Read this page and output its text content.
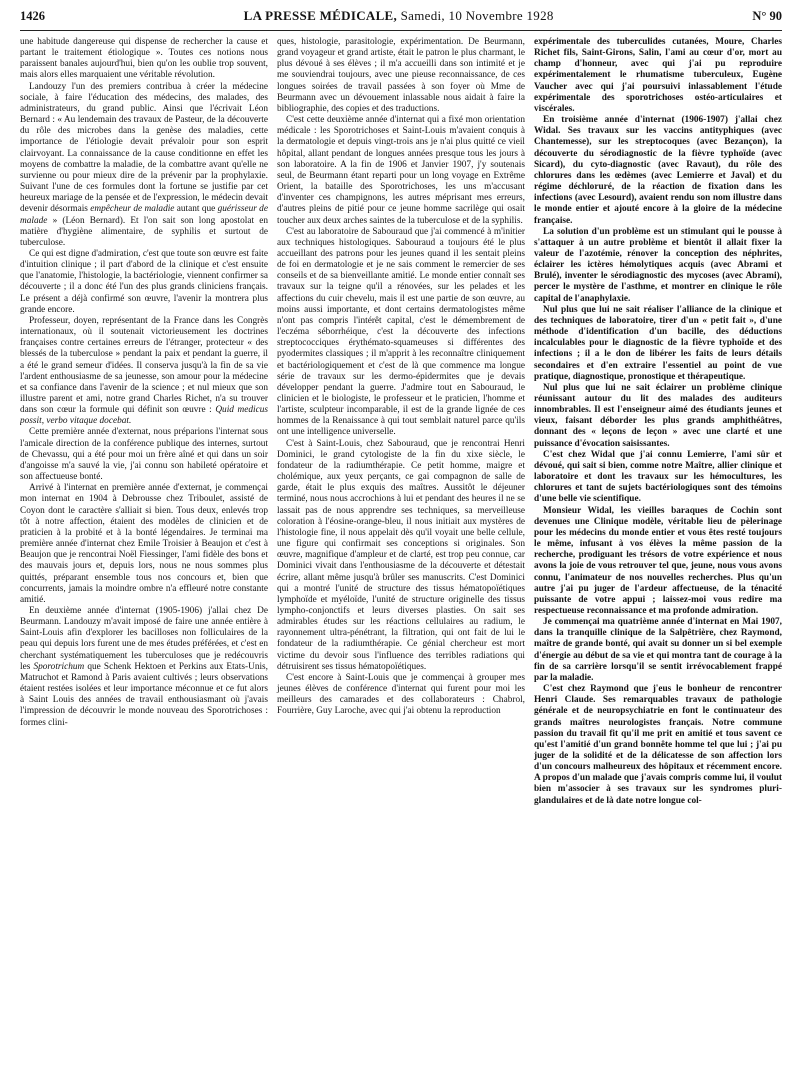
1426	LA PRESSE MÉDICALE, Samedi, 10 Novembre 1928	N° 90

une habitude dangereuse qui dispense de rechercher la cause et partant le traitement étiologique ». Toutes ces notions nous paraissent banales aujourd'hui, bien qu'on les oublie trop souvent, mais alors elles marquaient une véritable révolution.

Landouzy l'un des premiers contribua à créer la médecine sociale, à faire l'éducation des médecins, des malades, des administrateurs, du grand public. Ainsi que l'écrivait Léon Bernard : « Au lendemain des travaux de Pasteur, de la découverte du rôle des microbes dans la genèse des maladies, cette importance de l'étiologie devait prévaloir pour son esprit clairvoyant. La connaissance de la cause conditionne en effet les moyens de combattre la maladie, de la combattre avant qu'elle ne survienne ou pour mieux dire de la prévenir par la prophylaxie. Suivant l'une de ces formules dont la fortune se justifie par cet heureux mariage de la pensée et de l'expression, le médecin devait devenir désormais empêcheur de maladie autant que guérisseur de malade » (Léon Bernard). Et l'on sait son long apostolat en matière d'hygiène alimentaire, de syphilis et surtout de tuberculose.

Ce qui est digne d'admiration, c'est que toute son œuvre est faite d'intuition clinique ; il part d'abord de la clinique et c'est ensuite que l'anatomie, l'histologie, la bactériologie, viennent confirmer sa découverte ; il a donc été l'un des plus grands cliniciens français. Le présent a déjà confirmé son œuvre, l'avenir la montrera plus grande encore.

Professeur, doyen, représentant de la France dans les Congrès internationaux, où il soutenait victorieusement les doctrines françaises contre certaines erreurs de l'étranger, protecteur « des blessés de la tuberculose » pendant la paix et pendant la guerre, il a été le grand semeur d'idées. Il conserva jusqu'à la fin de sa vie l'ardent enthousiasme de sa jeunesse, son amour pour la médecine et sa confiance dans l'avenir de la science ; et nul mieux que son illustre parent et ami, notre grand Charles Richet, n'a su trouver dans son cœur la formule qui définit son œuvre : Quid medicus possit, verbo vitaque docebat.

Cette première année d'externat, nous préparions l'internat sous l'amicale direction de la conférence publique des internes, surtout de Chevassu, qui a été pour moi un frère aîné et qui dans un soir d'angoisse m'a sauvé la vie, j'ai connu son habileté opératoire et son affectueuse bonté.

Arrivé à l'internat en première année d'externat, je commençai mon internat en 1904 à Debrousse chez Triboulet, assisté de Coyon dont le caractère s'alliait si bien. Tous deux, enlevés trop tôt à notre affection, étaient des modèles de clinicien et de praticien à la probité et à la bonté légendaires. Je terminai ma première année d'internat chez Emile Troisier à Beaujon et c'est à Beaujon que je rencontrai Noël Fiessinger, l'ami fidèle des bons et des mauvais jours et, depuis lors, nous ne nous sommes plus quittés, préparant ensemble tous nos concours et, bien que concurrents, jamais la moindre ombre n'a effleuré notre constante amitié.

En deuxième année d'internat (1905-1906) j'allai chez De Beurmann. Landouzy m'avait imposé de faire une année entière à Saint-Louis afin d'explorer les bacilloses non folliculaires de la peau qui depuis lors furent une de mes études préférées, et c'est en cherchant systématiquement les tuberculoses que je redécouvris les Sporotrichum que Schenk Hektoen et Perkins aux Etats-Unis, Matruchot et Ramond à Paris avaient cultivés ; leurs observations étaient restées isolées et leur importance méconnue et ce fut alors à Saint Louis des années de travail enthousiasmant où j'avais l'impression de découvrir le monde nouveau des Sporotrichoses : formes clini-

ques, histologie, parasitologie, expérimentation. De Beurmann, grand voyageur et grand artiste, était le patron le plus charmant, le plus dévoué à ses élèves ; il m'a accueilli dans son intimité et je me souviendrai toujours, avec une pieuse reconnaissance, de ces longues soirées de travail passées à son foyer où Mme de Beurmann avec un dévouement inlassable nous aidait à faire la bibliographie, des copies et des traductions.

C'est cette deuxième année d'internat qui a fixé mon orientation médicale : les Sporotrichoses et Saint-Louis m'avaient conquis à la dermatologie et depuis vingt-trois ans je n'ai plus quitté ce vieil hôpital, allant pendant de longues années presque tous les jours à son laboratoire. A la fin de 1906 et Janvier 1907, j'y soutenais seul, de Beurmann étant reparti pour un long voyage en Extrême Orient, la bataille des Sporotrichoses, les uns m'accusant d'inventer ces champignons, les autres méprisant mes erreurs, d'autres pleins de pitié pour ce jeune homme sacrilège qui osait toucher aux deux arches saintes de la tuberculose et de la syphilis.

C'est au laboratoire de Sabouraud que j'ai commencé à m'initier aux techniques histologiques. Sabouraud a toujours été le plus accueillant des patrons pour les jeunes quand il les sentait pleins de foi en dermatologie et je ne sais comment le remercier de ses conseils et de sa bienveillante amitié. Le monde entier connaît ses travaux sur la teigne qu'il a rénovées, sur les pelades et les affections du cuir chevelu, mais il est une partie de son œuvre, au moins aussi importante, et dont certains dermatologistes même n'ont pas compris l'intérêt capital, c'est le démembrement de l'eczéma séborrhéique, c'est la découverte des infections streptococciques érythémato-squameuses si différentes des pyodermites classiques ; il m'apprit à les reconnaître cliniquement et bactériologiquement et c'est de là que commence ma longue série de travaux sur les dermo-épidermites que je devais développer pendant la guerre. J'admire tout en Sabouraud, le clinicien et le biologiste, le professeur et le praticien, l'homme et l'artiste, sculpteur incomparable, il est de la grande lignée de ces hommes de la Renaissance à qui tout semblait naturel parce qu'ils ont une intelligence universelle.

C'est à Saint-Louis, chez Sabouraud, que je rencontrai Henri Dominici, le grand cytologiste de la fin du xixe siècle, le fondateur de la radiumthérapie. Ce petit homme, maigre et cholémique, aux yeux perçants, ce gai compagnon de salle de garde, était le plus exquis des maîtres. Aussitôt le déjeuner terminé, nous nous accrochions à lui et pendant des heures il ne se lassait pas de nous apprendre ses techniques, sa merveilleuse coloration à l'éosine-orange-bleu, il nous initiait aux mystères de l'histologie fine, il nous appelait dès qu'il voyait une belle cellule, une figure qui confirmait ses conceptions si originales. Son œuvre, magnifique d'ampleur et de clarté, est trop peu connue, car Dominici vivait dans l'enthousiasme de la découverte et détestait écrire, allant même jusqu'à brûler ses manuscrits. C'est Dominici qui a montré l'unité de structure des tissus hématopoïétiques lymphoïde et myéloïde, l'unité de structure originelle des tissus lympho-conjonctifs et leurs diverses plasties. On sait ses admirables études sur les réactions cellulaires au radium, le rayonnement ultra-pénétrant, la filtration, qui ont fait de lui le fondateur de la radiumthérapie. Ce génial chercheur est mort victime du devoir sous l'influence des terribles radiations qui détruisirent ses tissus hématopoïétiques.

C'est encore à Saint-Louis que je commençai à grouper mes jeunes élèves de conférence d'internat qui furent pour moi les meilleurs des camarades et des collaborateurs : Chabrol, Fourrière, Guy Laroche, avec qui j'ai obtenu la reproduction

expérimentale des tuberculides cutanées, Moure, Charles Richet fils, Saint-Girons, Salin, l'ami au cœur d'or, mort au champ d'honneur, avec qui j'ai pu reproduire expérimentalement le rhumatisme tuberculeux, Eugène Vaucher avec qui j'ai poursuivi inlassablement l'étude expérimentale des sporotrichoses ostéo-articulaires et viscérales.

En troisième année d'internat (1906-1907) j'allai chez Widal. Ses travaux sur les vaccins antityphiques (avec Chantemesse), sur les streptocoques (avec Bezançon), la découverte du sérodiagnostic de la fièvre typhoïde (avec Sicard), du cyto-diagnostic (avec Ravaut), du rôle des chlorures dans les œdèmes (avec Lemierre et Javal) et du régime déchloruré, de la réaction de fixation dans les infections (avec Lesourd), avaient rendu son nom illustre dans le monde entier et ajouté encore à la gloire de la médecine française.

La solution d'un problème est un stimulant qui le pousse à s'attaquer à un autre problème et bientôt il allait fixer la valeur de l'azotémie, rénover la conception des néphrites, éclairer les ictères hémolytiques acquis (avec Abrami et Brulé), inventer le sérodiagnostic des mycoses (avec Abrami), percer le mystère de l'asthme, et montrer en clinique le rôle capital de l'anaphylaxie.

Nul plus que lui ne sait réaliser l'alliance de la clinique et des techniques de laboratoire, tirer d'un « petit fait », d'une méthode d'identification d'un bacille, des déductions incalculables pour le diagnostic de la fièvre typhoïde et des infections ; il a le don de libérer les faits de leurs détails secondaires et d'en extraire l'essentiel au point de vue pratique, diagnostique, pronostique et thérapeutique.

Nul plus que lui ne sait éclairer un problème clinique réunissant autour du lit des malades des auditeurs innombrables. Il est l'enseigneur aimé des étudiants jeunes et vieux, faisant déborder les plus grands amphithéâtres, donnant des « leçons de leçon » avec une clarté et une puissance d'évocation saisissantes.

C'est chez Widal que j'ai connu Lemierre, l'ami sûr et dévoué, qui sait si bien, comme notre Maître, allier clinique et laboratoire et dont les travaux sur les hémocultures, les chlorures et tant de sujets bactériologiques sont des témoins d'une belle vie scientifique.

Monsieur Widal, les vieilles baraques de Cochin sont devenues une Clinique modèle, véritable lieu de pèlerinage pour les médecins du monde entier et vous êtes resté toujours le même, infusant à vos élèves la même passion de la recherche, prodiguant les trésors de votre expérience et nous avons la joie de vous retrouver tel que, jeune, nous vous avons connu, l'animateur de nos nouvelles recherches. Plus qu'un autre j'ai pu juger de l'ardeur affectueuse, de la ténacité puissante de votre appui ; laissez-moi vous redire ma respectueuse reconnaissance et ma profonde admiration.

Je commençai ma quatrième année d'internat en Mai 1907, dans la tranquille clinique de la Salpêtrière, chez Raymond, maître de grande bonté, qui avait su donner un si bel exemple d'énergie au début de sa vie et qui montra tant de courage à la fin de sa carrière lorsqu'il se sentit irrévocablement frappé par la maladie.

C'est chez Raymond que j'eus le bonheur de rencontrer Henri Claude. Ses remarquables travaux de pathologie générale et de neuropsychiatrie en font le continuateur des grands maîtres neurologistes français. Notre commune passion du travail fit qu'il me prit en amitié et tous savent ce qu'est l'amitié d'un grand bonnête homme tel que lui ; j'ai pu juger de la solidité et de la délicatesse de son affection lors d'un concours malheureux des hôpitaux et récemment encore. A propos d'un malade que j'avais compris comme lui, il voulut bien m'associer à ses travaux sur les syndromes pluri-glandulaires et de là date notre longue col-
